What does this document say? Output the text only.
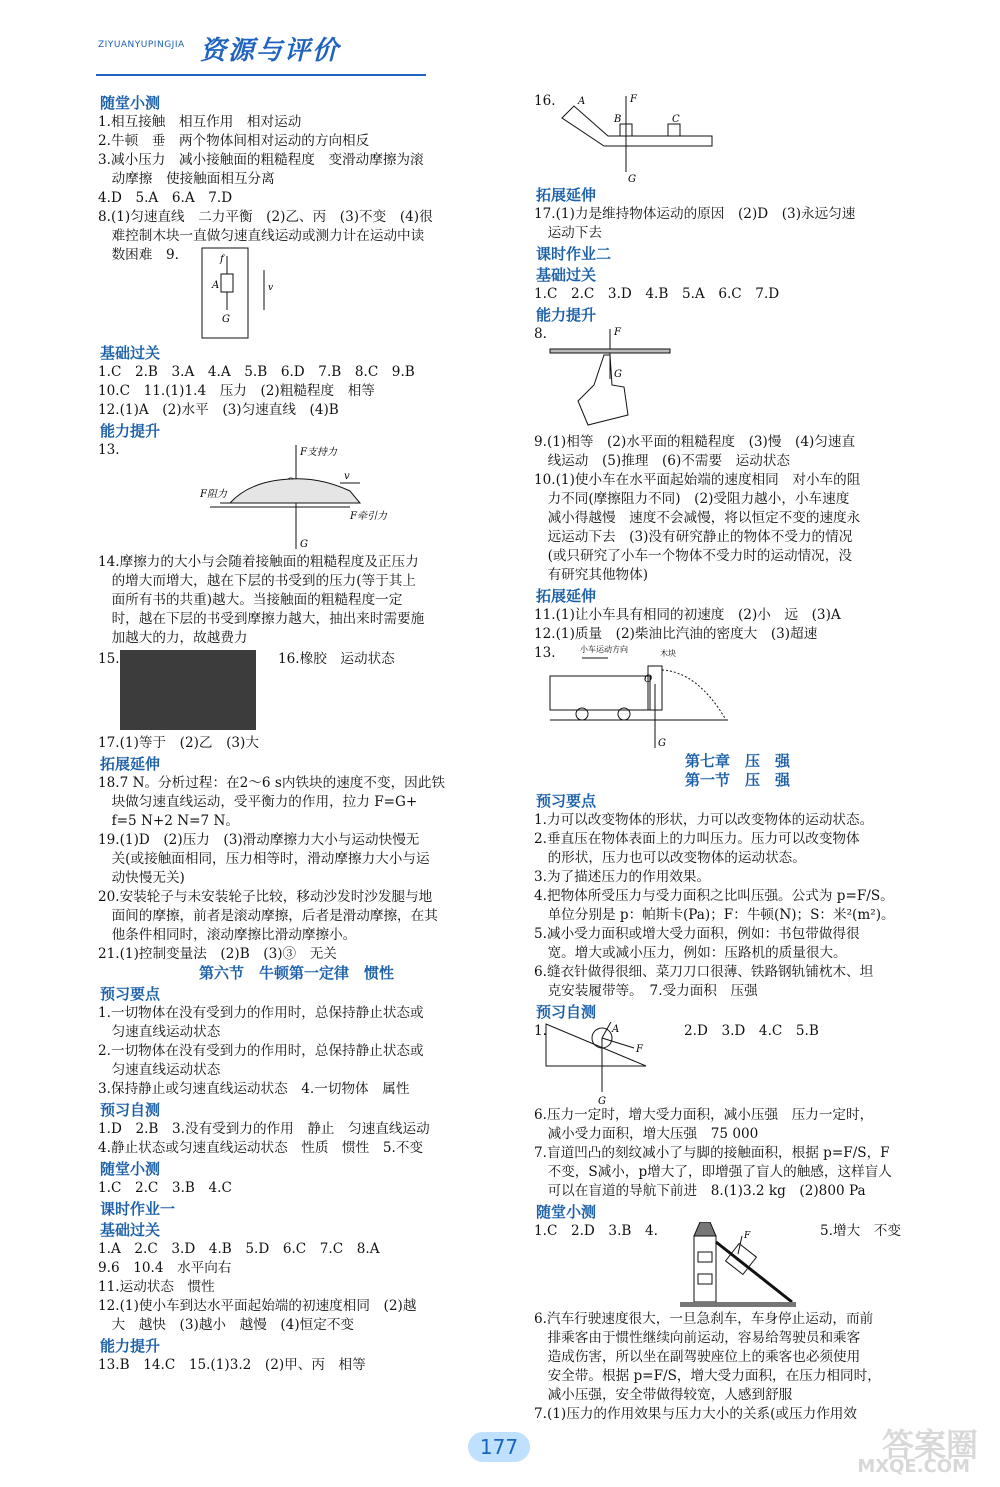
ZIYUANYUPINGJIA 资源与评价
随堂小测
1.相互接触　相互作用　相对运动
2.牛顿　垂　两个物体间相对运动的方向相反
3.减小压力　减小接触面的粗糙程度　变滑动摩擦为滚
　动摩擦　使接触面相互分离
4.D　5.A　6.A　7.D
8.(1)匀速直线　二力平衡　(2)乙、丙　(3)不变　(4)很
　难控制木块一直做匀速直线运动或测力计在运动中读
　数困难　9.	f
A
G
v
基础过关
1.C　2.B　3.A　4.A　5.B　6.D　7.B　8.C　9.B
10.C　11.(1)1.4　压力　(2)粗糙程度　相等
12.(1)A　(2)水平　(3)匀速直线　(4)B
能力提升
13.	F支持力
v
F阻力
F牵引力
G
14.摩擦力的大小与会随着接触面的粗糙程度及正压力
　的增大而增大，越在下层的书受到的压力(等于其上
　面所有书的共重)越大。当接触面的粗糙程度一定
　时，越在下层的书受到摩擦力越大，抽出来时需要施
　加越大的力，故越费力
15.	16.橡胶　运动状态
17.(1)等于　(2)乙　(3)大
拓展延伸
18.7 N。分析过程：在2～6 s内铁块的速度不变，因此铁
　块做匀速直线运动，受平衡力的作用，拉力 F=G+
　f=5 N+2 N=7 N。
19.(1)D　(2)压力　(3)滑动摩擦力大小与运动快慢无
　关(或接触面相同，压力相等时，滑动摩擦力大小与运
　动快慢无关)
20.安装轮子与未安装轮子比较，移动沙发时沙发腿与地
　面间的摩擦，前者是滚动摩擦，后者是滑动摩擦，在其
　他条件相同时，滚动摩擦比滑动摩擦小。
21.(1)控制变量法　(2)B　(3)③　无关
第六节　牛顿第一定律　惯性
预习要点
1.一切物体在没有受到力的作用时，总保持静止状态或
　匀速直线运动状态
2.一切物体在没有受到力的作用时，总保持静止状态或
　匀速直线运动状态
3.保持静止或匀速直线运动状态　4.一切物体　属性
预习自测
1.D　2.B　3.没有受到力的作用　静止　匀速直线运动
4.静止状态或匀速直线运动状态　性质　惯性　5.不变
随堂小测
1.C　2.C　3.B　4.C
课时作业一
基础过关
1.A　2.C　3.D　4.B　5.D　6.C　7.C　8.A
9.6　10.4　水平向右
11.运动状态　惯性
12.(1)使小车到达水平面起始端的初速度相同　(2)越
　大　越快　(3)越小　越慢　(4)恒定不变
能力提升
13.B　14.C　15.(1)3.2　(2)甲、丙　相等
16.	A	F
B	C
G
拓展延伸
17.(1)力是维持物体运动的原因　(2)D　(3)永远匀速
　运动下去
课时作业二
基础过关
1.C　2.C　3.D　4.B　5.A　6.C　7.D
能力提升
8.	F
G
9.(1)相等　(2)水平面的粗糙程度　(3)慢　(4)匀速直
　线运动　(5)推理　(6)不需要　运动状态
10.(1)使小车在水平面起始端的速度相同　对小车的阻
　力不同(摩擦阻力不同)　(2)受阻力越小，小车速度
　减小得越慢　速度不会减慢，将以恒定不变的速度永
　远运动下去　(3)没有研究静止的物体不受力的情况
　(或只研究了小车一个物体不受力时的运动情况，没
　有研究其他物体)
拓展延伸
11.(1)让小车具有相同的初速度　(2)小　远　(3)A
12.(1)质量　(2)柴油比汽油的密度大　(3)超速
13.	小车运动方向	木块
O
G
第七章　压　强
第一节　压　强
预习要点
1.力可以改变物体的形状，力可以改变物体的运动状态。
2.垂直压在物体表面上的力叫压力。压力可以改变物体
　的形状，压力也可以改变物体的运动状态。
3.为了描述压力的作用效果。
4.把物体所受压力与受力面积之比叫压强。公式为 p=F/S。
　单位分别是 p：帕斯卡(Pa)；F：牛顿(N)；S：米²(m²)。
5.减小受力面积或增大受力面积，例如：书包带做得很
　宽。增大或减小压力，例如：压路机的质量很大。
6.缝衣针做得很细、菜刀刀口很薄、铁路钢轨铺枕木、坦
　克安装履带等。　7.受力面积　压强
预习自测
1.	A
F
G
2.D　3.D　4.C　5.B
6.压力一定时，增大受力面积，减小压强　压力一定时，
　减小受力面积，增大压强　75 000
7.盲道凹凸的刻纹减小了与脚的接触面积，根据 p=F/S，F
　不变，S减小，p增大了，即增强了盲人的触感，这样盲人
　可以在盲道的导航下前进　8.(1)3.2 kg　(2)800 Pa
随堂小测
1.C　2.D　3.B　4.	F	5.增大　不变
6.汽车行驶速度很大，一旦急刹车，车身停止运动，而前
　排乘客由于惯性继续向前运动，容易给驾驶员和乘客
　造成伤害，所以坐在副驾驶座位上的乘客也必须使用
　安全带。根据 p=F/S，增大受力面积，在压力相同时，
　减小压强，安全带做得较宽，人感到舒服
7.(1)压力的作用效果与压力大小的关系(或压力作用效
177	答案圈
MXQE.COM
